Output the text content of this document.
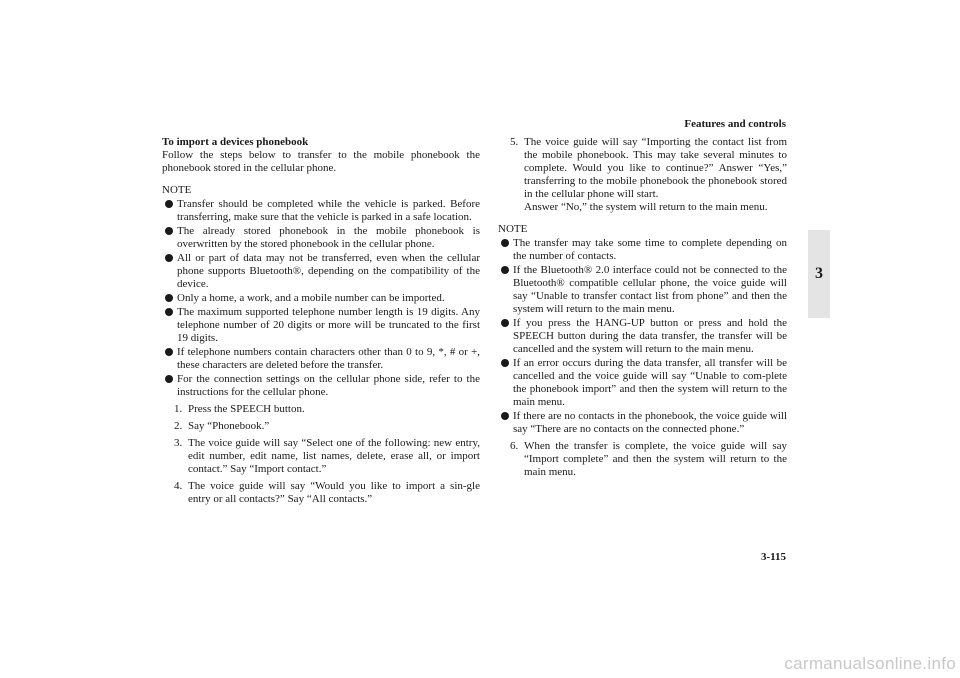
Features and controls
3

To import a devices phonebook

Follow the steps below to transfer to the mobile phonebook the phonebook stored in the cellular phone.

NOTE

Transfer should be completed while the vehicle is parked. Before transferring, make sure that the vehicle is parked in a safe location.
The already stored phonebook in the mobile phonebook is overwritten by the stored phonebook in the cellular phone.
All or part of data may not be transferred, even when the cellular phone supports Bluetooth®, depending on the compatibility of the device.
Only a home, a work, and a mobile number can be imported.
The maximum supported telephone number length is 19 digits. Any telephone number of 20 digits or more will be truncated to the first 19 digits.
If telephone numbers contain characters other than 0 to 9, *, # or +, these characters are deleted before the transfer.
For the connection settings on the cellular phone side, refer to the instructions for the cellular phone.
1. Press the SPEECH button.
2. Say “Phonebook.”
3. The voice guide will say “Select one of the following: new entry, edit number, edit name, list names, delete, erase all, or import contact.” Say “Import contact.”
4. The voice guide will say “Would you like to import a sin-gle entry or all contacts?” Say “All contacts.”
5. The voice guide will say “Importing the contact list from the mobile phonebook. This may take several minutes to complete. Would you like to continue?” Answer “Yes,” transferring to the mobile phonebook the phonebook stored in the cellular phone will start.
Answer “No,” the system will return to the main menu.

NOTE

The transfer may take some time to complete depending on the number of contacts.
If the Bluetooth® 2.0 interface could not be connected to the Bluetooth® compatible cellular phone, the voice guide will say “Unable to transfer contact list from phone” and then the system will return to the main menu.
If you press the HANG-UP button or press and hold the SPEECH button during the data transfer, the transfer will be cancelled and the system will return to the main menu.
If an error occurs during the data transfer, all transfer will be cancelled and the voice guide will say “Unable to com-plete the phonebook import” and then the system will return to the main menu.
If there are no contacts in the phonebook, the voice guide will say “There are no contacts on the connected phone.”
6. When the transfer is complete, the voice guide will say “Import complete” and then the system will return to the main menu.
3-115
carmanualsonline.info
